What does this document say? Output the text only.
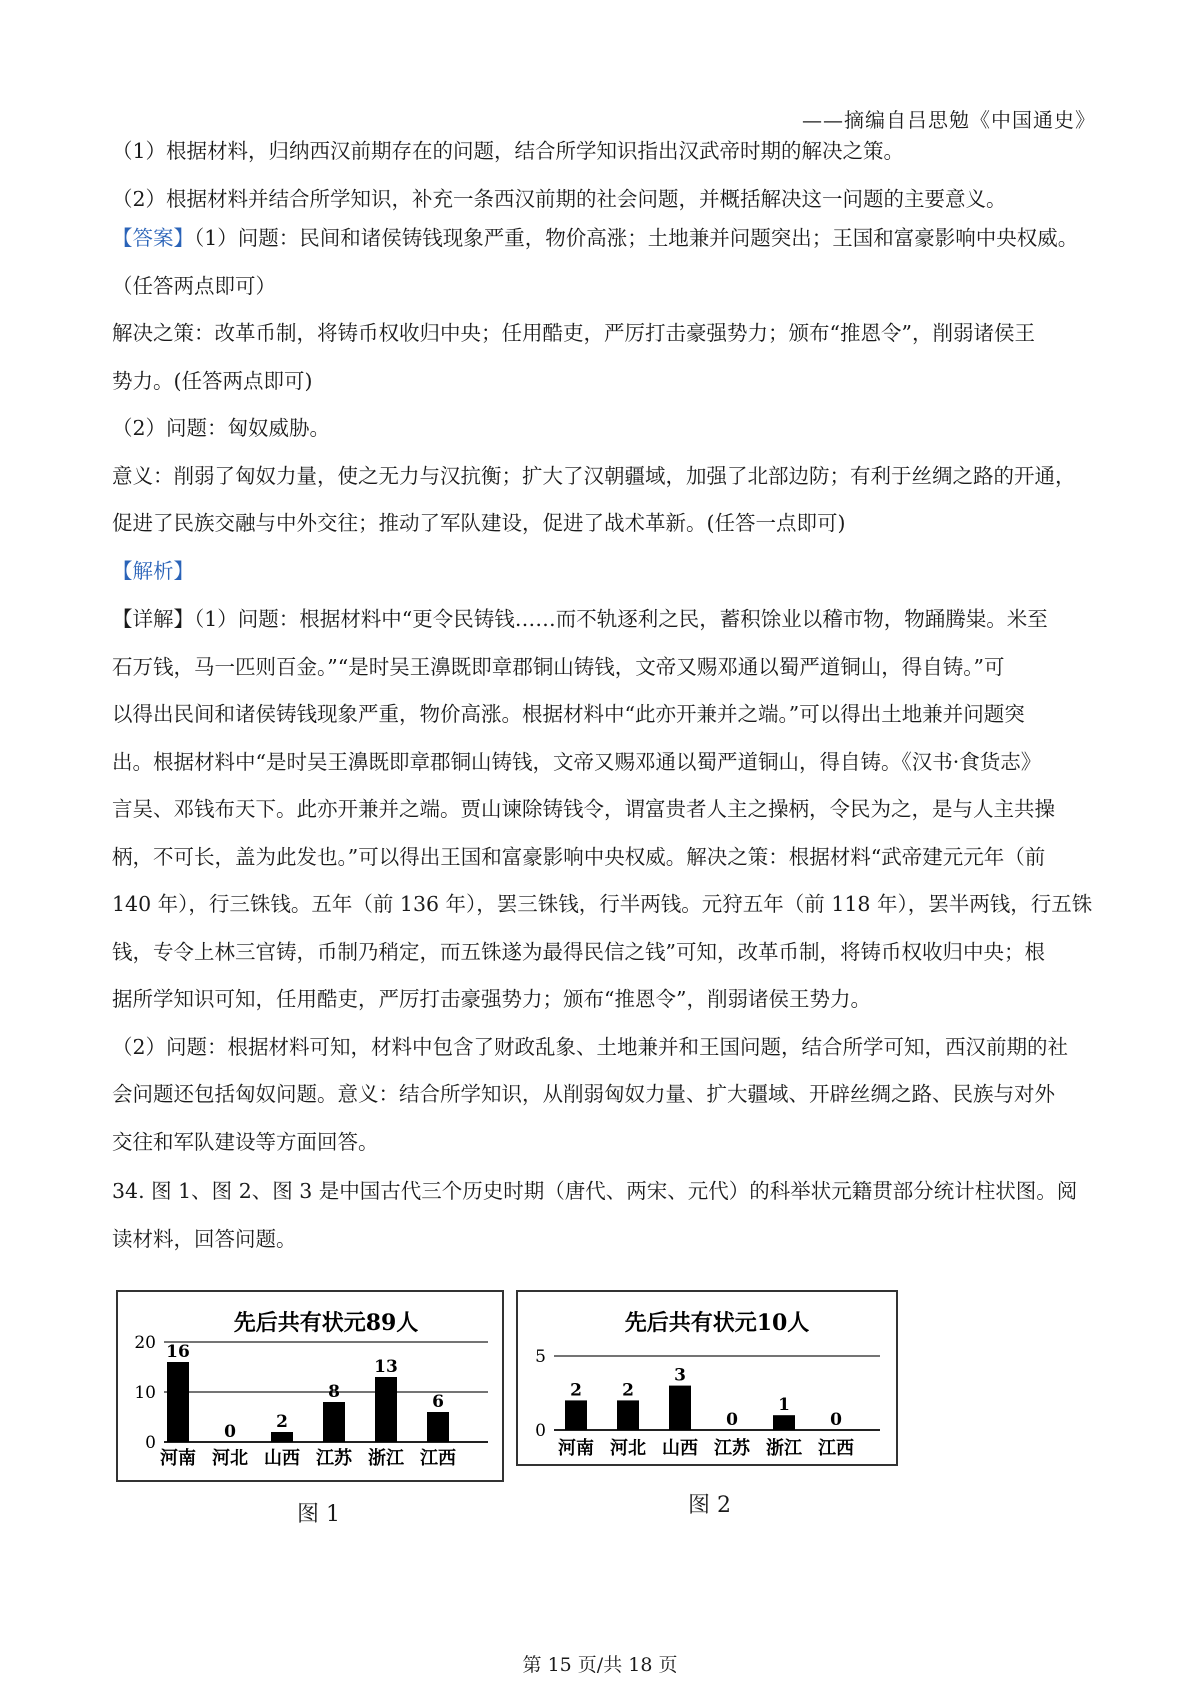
——摘编自吕思勉《中国通史》
（1）根据材料，归纳西汉前期存在的问题，结合所学知识指出汉武帝时期的解决之策。
（2）根据材料并结合所学知识，补充一条西汉前期的社会问题，并概括解决这一问题的主要意义。
【答案】（1）问题：民间和诸侯铸钱现象严重，物价高涨；土地兼并问题突出；王国和富豪影响中央权威。
（任答两点即可）
解决之策：改革币制，将铸币权收归中央；任用酷吏，严厉打击豪强势力；颁布“推恩令”，削弱诸侯王
势力。(任答两点即可)
（2）问题：匈奴威胁。
意义：削弱了匈奴力量，使之无力与汉抗衡；扩大了汉朝疆域，加强了北部边防；有利于丝绸之路的开通，
促进了民族交融与中外交往；推动了军队建设，促进了战术革新。(任答一点即可)
【解析】
【详解】（1）问题：根据材料中“更令民铸钱……而不轨逐利之民，蓄积馀业以稽市物，物踊腾粜。米至
石万钱，马一匹则百金。”“是时吴王濞既即章郡铜山铸钱，文帝又赐邓通以蜀严道铜山，得自铸。”可
以得出民间和诸侯铸钱现象严重，物价高涨。根据材料中“此亦开兼并之端。”可以得出土地兼并问题突
出。根据材料中“是时吴王濞既即章郡铜山铸钱，文帝又赐邓通以蜀严道铜山，得自铸。《汉书·食货志》
言吴、邓钱布天下。此亦开兼并之端。贾山谏除铸钱令，谓富贵者人主之操柄，令民为之，是与人主共操
柄，不可长，盖为此发也。”可以得出王国和富豪影响中央权威。解决之策：根据材料“武帝建元元年（前
140 年），行三铢钱。五年（前 136 年），罢三铢钱，行半两钱。元狩五年（前 118 年），罢半两钱，行五铢
钱，专令上林三官铸，币制乃稍定，而五铢遂为最得民信之钱”可知，改革币制，将铸币权收归中央；根
据所学知识可知，任用酷吏，严厉打击豪强势力；颁布“推恩令”，削弱诸侯王势力。
（2）问题：根据材料可知，材料中包含了财政乱象、土地兼并和王国问题，结合所学可知，西汉前期的社
会问题还包括匈奴问题。意义：结合所学知识，从削弱匈奴力量、扩大疆域、开辟丝绸之路、民族与对外
交往和军队建设等方面回答。
34. 图 1、图 2、图 3 是中国古代三个历史时期（唐代、两宋、元代）的科举状元籍贯部分统计柱状图。阅
读材料，回答问题。
先后共有状元89人
0
10
20 16
河南
0
河北
2
山西
8
江苏
13
浙江
6
江西
图 1
先后共有状元10人
0
5
2
河南
2
河北
3
山西
0
江苏
1
浙江
0
江西
图 2
第 15 页/共 18 页
